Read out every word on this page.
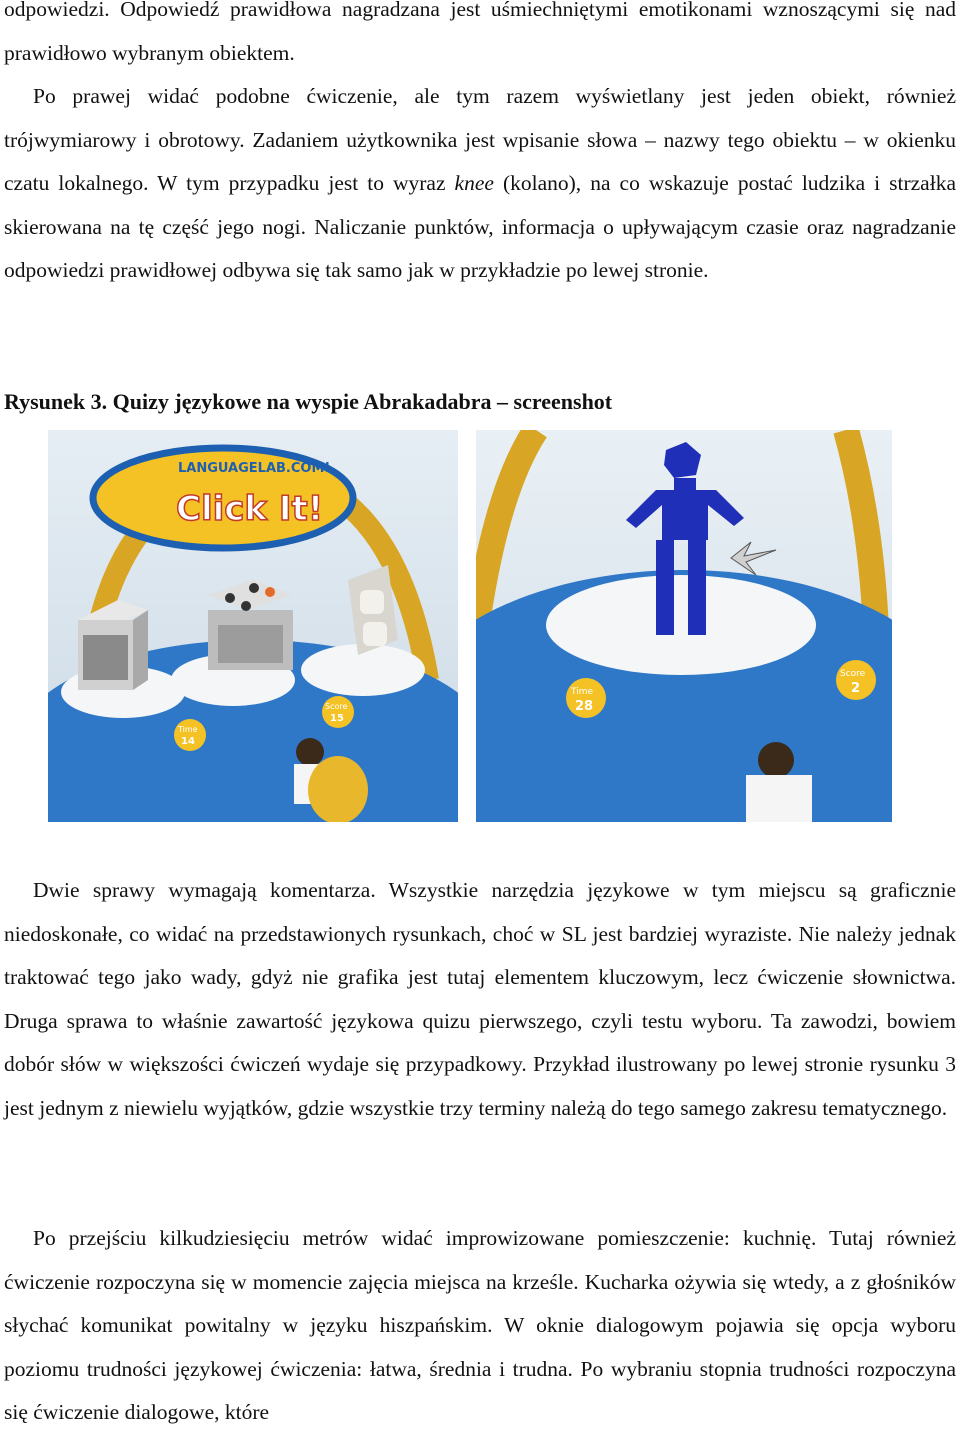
odpowiedzi. Odpowiedź prawidłowa nagradzana jest uśmiechniętymi emotikonami wznoszącymi się nad prawidłowo wybranym obiektem.

Po prawej widać podobne ćwiczenie, ale tym razem wyświetlany jest jeden obiekt, również trójwymiarowy i obrotowy. Zadaniem użytkownika jest wpisanie słowa – nazwy tego obiektu – w okienku czatu lokalnego. W tym przypadku jest to wyraz knee (kolano), na co wskazuje postać ludzika i strzałka skierowana na tę część jego nogi. Naliczanie punktów, informacja o upływającym czasie oraz nagradzanie odpowiedzi prawidłowej odbywa się tak samo jak w przykładzie po lewej stronie.

Rysunek 3. Quizy językowe na wyspie Abrakadabra – screenshot
LANGUAGELAB.COM!
Click It!
Time
14
Score
15
Time
28
Score
2

Dwie sprawy wymagają komentarza. Wszystkie narzędzia językowe w tym miejscu są graficznie niedoskonałe, co widać na przedstawionych rysunkach, choć w SL jest bardziej wyraziste. Nie należy jednak traktować tego jako wady, gdyż nie grafika jest tutaj elementem kluczowym, lecz ćwiczenie słownictwa. Druga sprawa to właśnie zawartość językowa quizu pierwszego, czyli testu wyboru. Ta zawodzi, bowiem dobór słów w większości ćwiczeń wydaje się przypadkowy. Przykład ilustrowany po lewej stronie rysunku 3 jest jednym z niewielu wyjątków, gdzie wszystkie trzy terminy należą do tego samego zakresu tematycznego.

Po przejściu kilkudziesięciu metrów widać improwizowane pomieszczenie: kuchnię. Tutaj również ćwiczenie rozpoczyna się w momencie zajęcia miejsca na krześle. Kucharka ożywia się wtedy, a z głośników słychać komunikat powitalny w języku hiszpańskim. W oknie dialogowym pojawia się opcja wyboru poziomu trudności językowej ćwiczenia: łatwa, średnia i trudna. Po wybraniu stopnia trudności rozpoczyna się ćwiczenie dialogowe, które
